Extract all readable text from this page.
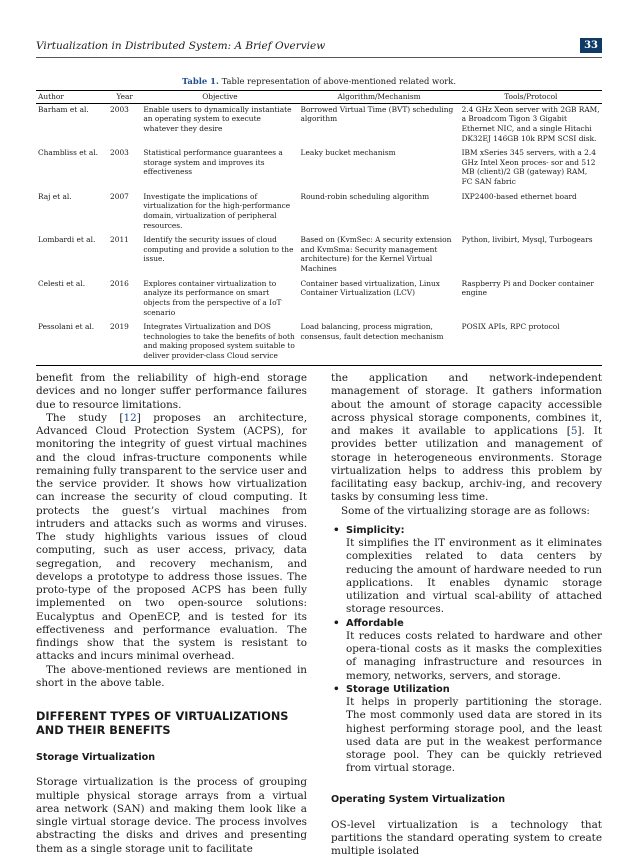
Virtualization in Distributed System: A Brief Overview	33
Table 1. Table representation of above-mentioned related work.
Author	Year	Objective	Algorithm/Mechanism	Tools/Protocol
Barham et al.	2003	Enable users to dynamically instantiate an operating system to execute whatever they desire	Borrowed Virtual Time (BVT) scheduling algorithm	2.4 GHz Xeon server with 2GB RAM, a Broadcom Tigon 3 Gigabit Ethernet NIC, and a single Hitachi DK32EJ 146GB 10k RPM SCSI disk.
Chambliss et al.	2003	Statistical performance guarantees a storage system and improves its effectiveness	Leaky bucket mechanism	IBM xSeries 345 servers, with a 2.4 GHz Intel Xeon proces- sor and 512 MB (client)/2 GB (gateway) RAM, FC SAN fabric
Raj et al.	2007	Investigate the implications of virtualization for the high-performance domain, virtualization of peripheral resources.	Round-robin scheduling algorithm	IXP2400-based ethernet board
Lombardi et al.	2011	Identify the security issues of cloud computing and provide a solution to the issue.	Based on (KvmSec: A security extension and KvmSma: Security management architecture) for the Kernel Virtual Machines	Python, livibirt, Mysql, Turbogears
Celesti et al.	2016	Explores container virtualization to analyze its performance on smart objects from the perspective of a IoT scenario	Container based virtualization, Linux Container Virtualization (LCV)	Raspberry Pi and Docker container engine
Pessolani et al.	2019	Integrates Virtualization and DOS technologies to take the benefits of both and making proposed system suitable to deliver provider-class Cloud service	Load balancing, process migration, consensus, fault detection mechanism	POSIX APIs, RPC protocol

benefit from the reliability of high-end storage devices and no longer suffer performance failures due to resource limitations.

The study [12] proposes an architecture, Advanced Cloud Protection System (ACPS), for monitoring the integrity of guest virtual machines and the cloud infras-tructure components while remaining fully transparent to the service user and the service provider. It shows how virtualization can increase the security of cloud computing. It protects the guest’s virtual machines from intruders and attacks such as worms and viruses. The study highlights various issues of cloud computing, such as user access, privacy, data segregation, and recovery mechanism, and develops a prototype to address those issues. The proto-type of the proposed ACPS has been fully implemented on two open-source solutions: Eucalyptus and OpenECP, and is tested for its effectiveness and performance evaluation. The findings show that the system is resistant to attacks and incurs minimal overhead.

The above-mentioned reviews are mentioned in short in the above table.

DIFFERENT TYPES OF VIRTUALIZATIONS AND THEIR BENEFITS
Storage Virtualization

Storage virtualization is the process of grouping multiple physical storage arrays from a virtual area network (SAN) and making them look like a single virtual storage device. The process involves abstracting the disks and drives and presenting them as a single storage unit to facilitate

the application and network-independent management of storage. It gathers information about the amount of storage capacity accessible across physical storage components, combines it, and makes it available to applications [5]. It provides better utilization and management of storage in heterogeneous environments. Storage virtualization helps to address this problem by facilitating easy backup, archiv-ing, and recovery tasks by consuming less time.

Some of the virtualizing storage are as follows:

• Simplicity:
It simplifies the IT environment as it eliminates complexities related to data centers by reducing the amount of hardware needed to run applications. It enables dynamic storage utilization and virtual scal-ability of attached storage resources.
• Affordable
It reduces costs related to hardware and other opera-tional costs as it masks the complexities of managing infrastructure and resources in memory, networks, servers, and storage.
• Storage Utilization
It helps in properly partitioning the storage. The most commonly used data are stored in its highest performing storage pool, and the least used data are put in the weakest performance storage pool. They can be quickly retrieved from virtual storage.
Operating System Virtualization

OS-level virtualization is a technology that partitions the standard operating system to create multiple isolated
